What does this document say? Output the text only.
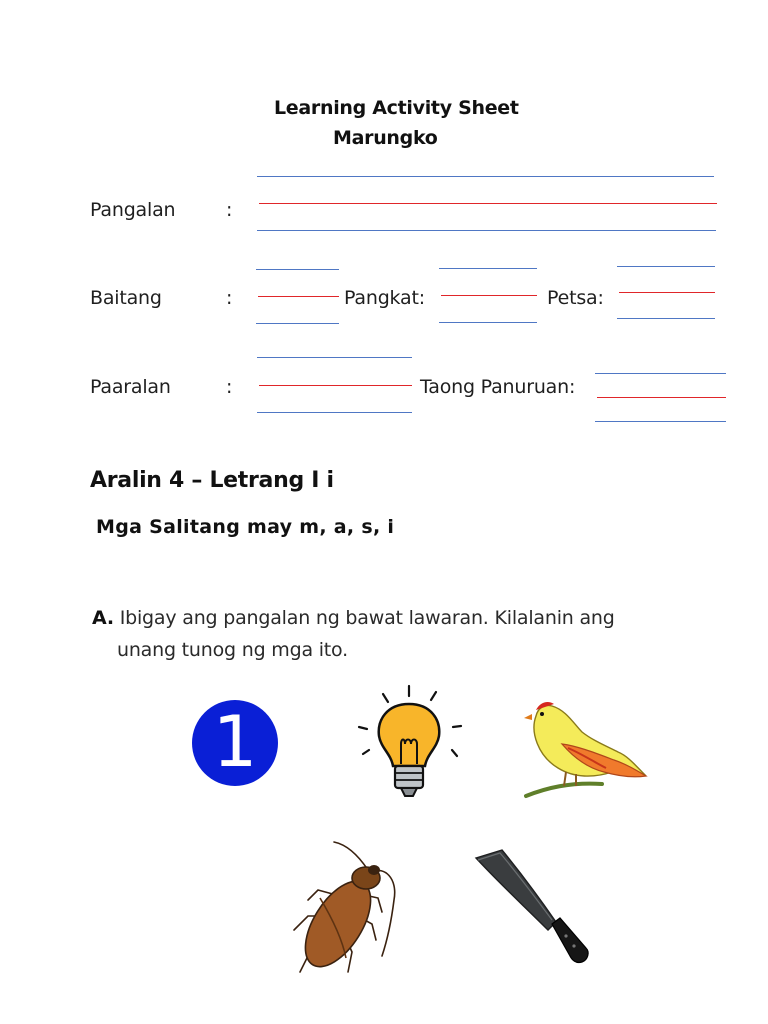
Learning Activity Sheet
Marungko
Pangalan	:
Baitang	:	Pangkat:	Petsa:
Paaralan	:	Taong Panuruan:
Aralin 4 – Letrang I i
Mga Salitang may m, a, s, i
A. Ibigay ang pangalan ng bawat lawaran. Kilalanin ang
unang tunog ng mga ito.
1
